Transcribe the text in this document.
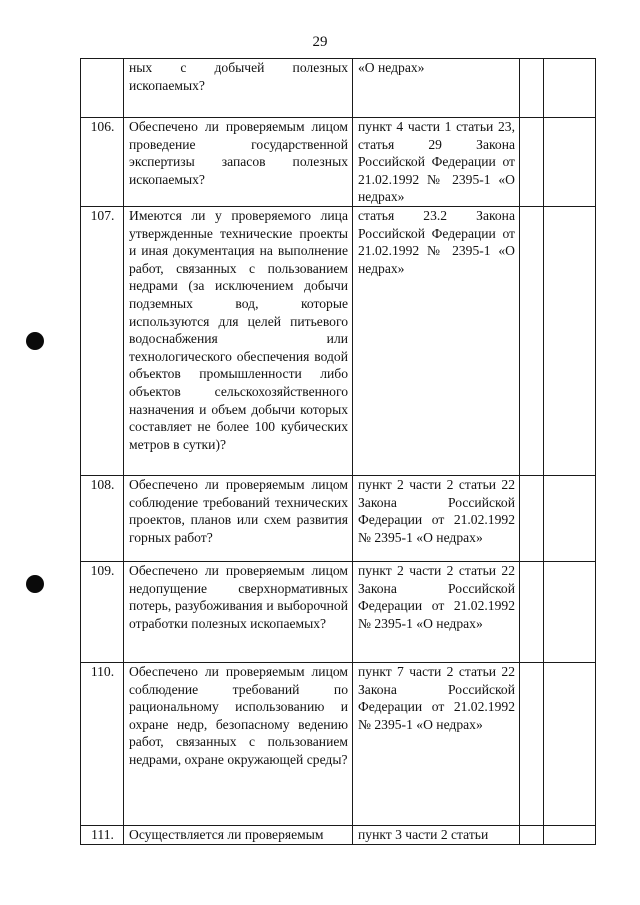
29
	ных с добычей полезных ископаемых?	«О недрах»		
106.	Обеспечено ли проверяемым лицом проведение государственной экспертизы запасов полезных ископаемых?	пункт 4 части 1 статьи 23, статья 29 Закона Российской Федерации от 21.02.1992 № 2395-1 «О недрах»		
107.	Имеются ли у проверяемого лица утвержденные технические проекты и иная документация на выполнение работ, связанных с пользованием недрами (за исключением добычи подземных вод, которые используются для целей питьевого водоснабжения или технологического обеспечения водой объектов промышленности либо объектов сельскохозяйственного назначения и объем добычи которых составляет не более 100 кубических метров в сутки)?	статья 23.2 Закона Российской Федерации от 21.02.1992 № 2395-1 «О недрах»		
108.	Обеспечено ли проверяемым лицом соблюдение требований технических проектов, планов или схем развития горных работ?	пункт 2 части 2 статьи 22 Закона Российской Федерации от 21.02.1992 № 2395-1 «О недрах»		
109.	Обеспечено ли проверяемым лицом недопущение сверхнормативных потерь, разубоживания и выборочной отработки полезных ископаемых?	пункт 2 части 2 статьи 22 Закона Российской Федерации от 21.02.1992 № 2395-1 «О недрах»		
110.	Обеспечено ли проверяемым лицом соблюдение требований по рациональному использованию и охране недр, безопасному ведению работ, связанных с пользованием недрами, охране окружающей среды?	пункт 7 части 2 статьи 22 Закона Российской Федерации от 21.02.1992 № 2395-1 «О недрах»		
111.	Осуществляется ли проверяемым	пункт 3 части 2 статьи		
